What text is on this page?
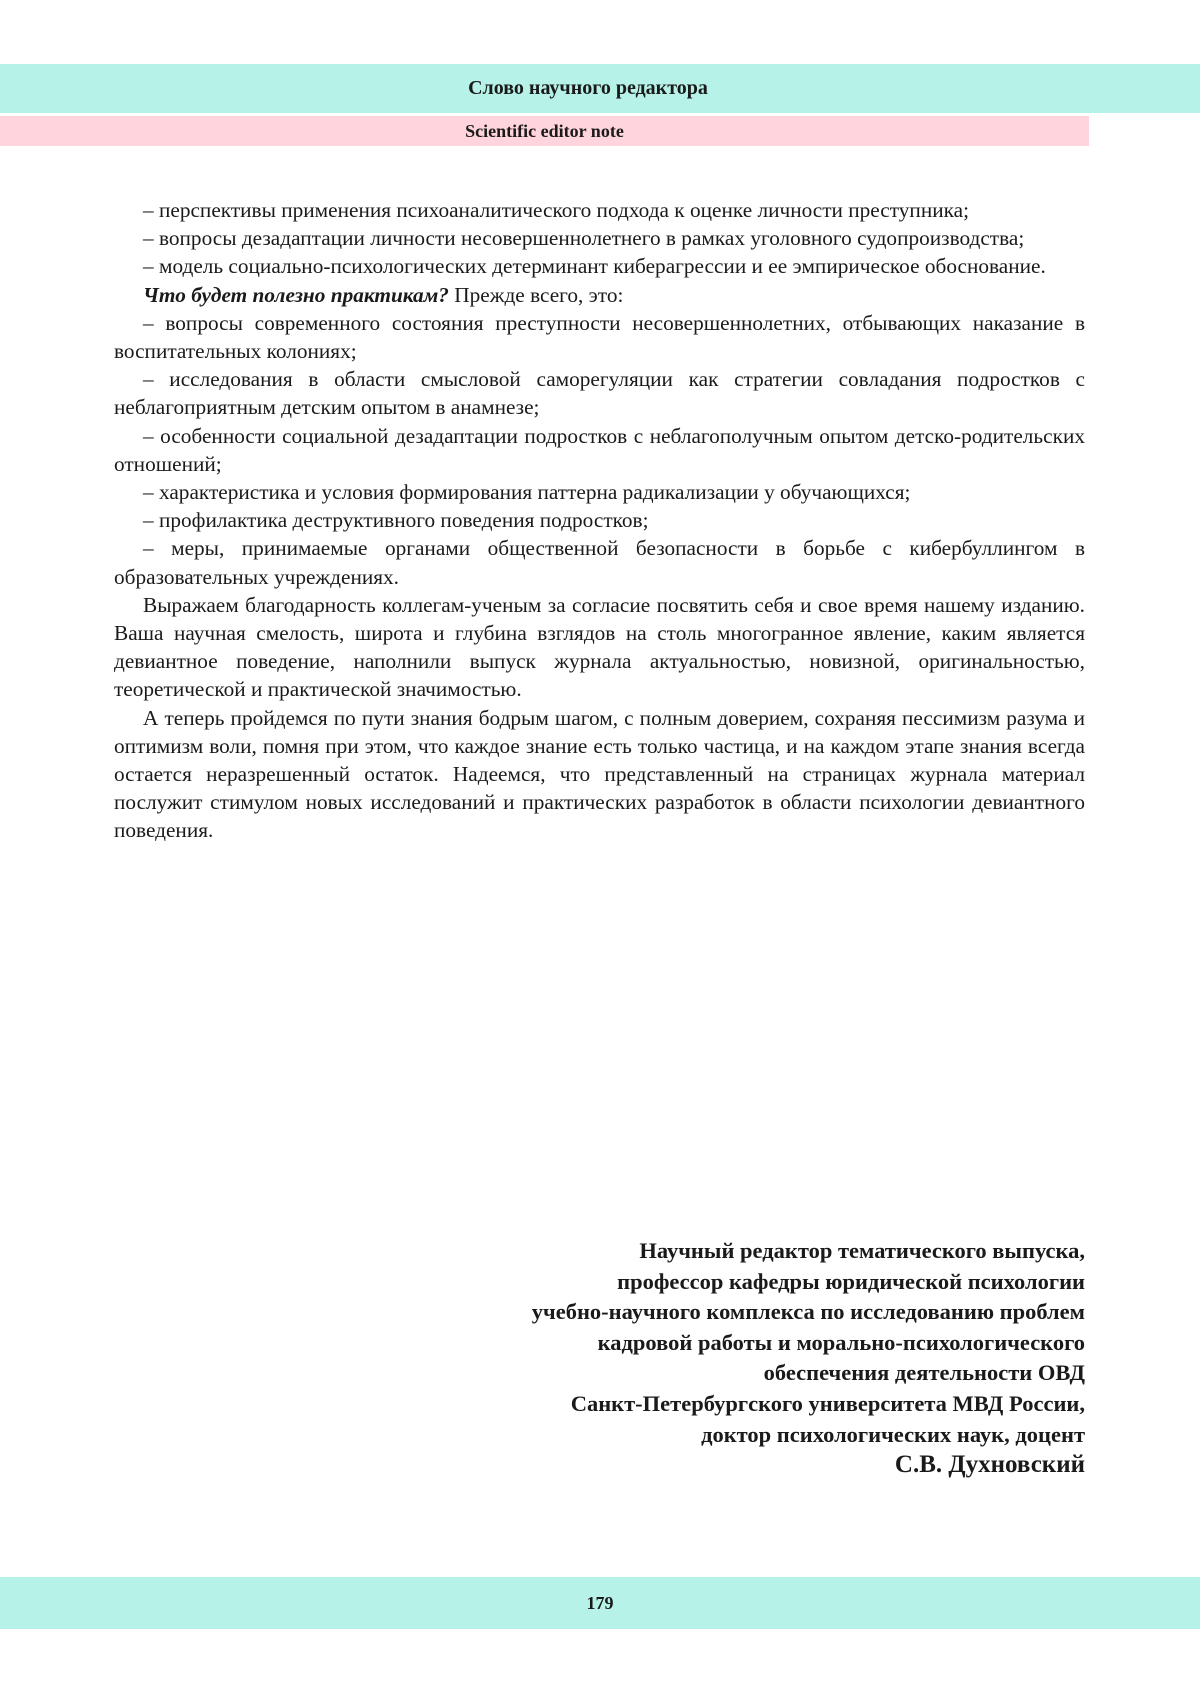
Слово научного редактора
Scientific editor note

– перспективы применения психоаналитического подхода к оценке личности преступника;

– вопросы дезадаптации личности несовершеннолетнего в рамках уголовного судопроизводства;

– модель социально-психологических детерминант киберагрессии и ее эмпирическое обоснование.

Что будет полезно практикам? Прежде всего, это:

– вопросы современного состояния преступности несовершеннолетних, отбывающих наказание в воспитательных колониях;

– исследования в области смысловой саморегуляции как стратегии совладания подростков с неблагоприятным детским опытом в анамнезе;

– особенности социальной дезадаптации подростков с неблагополучным опытом детско-родительских отношений;

– характеристика и условия формирования паттерна радикализации у обучающихся;

– профилактика деструктивного поведения подростков;

– меры, принимаемые органами общественной безопасности в борьбе с кибербуллингом в образовательных учреждениях.

Выражаем благодарность коллегам-ученым за согласие посвятить себя и свое время нашему изданию. Ваша научная смелость, широта и глубина взглядов на столь многогранное явление, каким является девиантное поведение, наполнили выпуск журнала актуальностью, новизной, оригинальностью, теоретической и практической значимостью.

А теперь пройдемся по пути знания бодрым шагом, с полным доверием, сохраняя пессимизм разума и оптимизм воли, помня при этом, что каждое знание есть только частица, и на каждом этапе знания всегда остается неразрешенный остаток. Надеемся, что представленный на страницах журнала материал послужит стимулом новых исследований и практических разработок в области психологии девиантного поведения.

Научный редактор тематического выпуска,
профессор кафедры юридической психологии
учебно-научного комплекса по исследованию проблем
кадровой работы и морально-психологического
обеспечения деятельности ОВД
Санкт-Петербургского университета МВД России,
доктор психологических наук, доцент
С.В. Духновский
179
